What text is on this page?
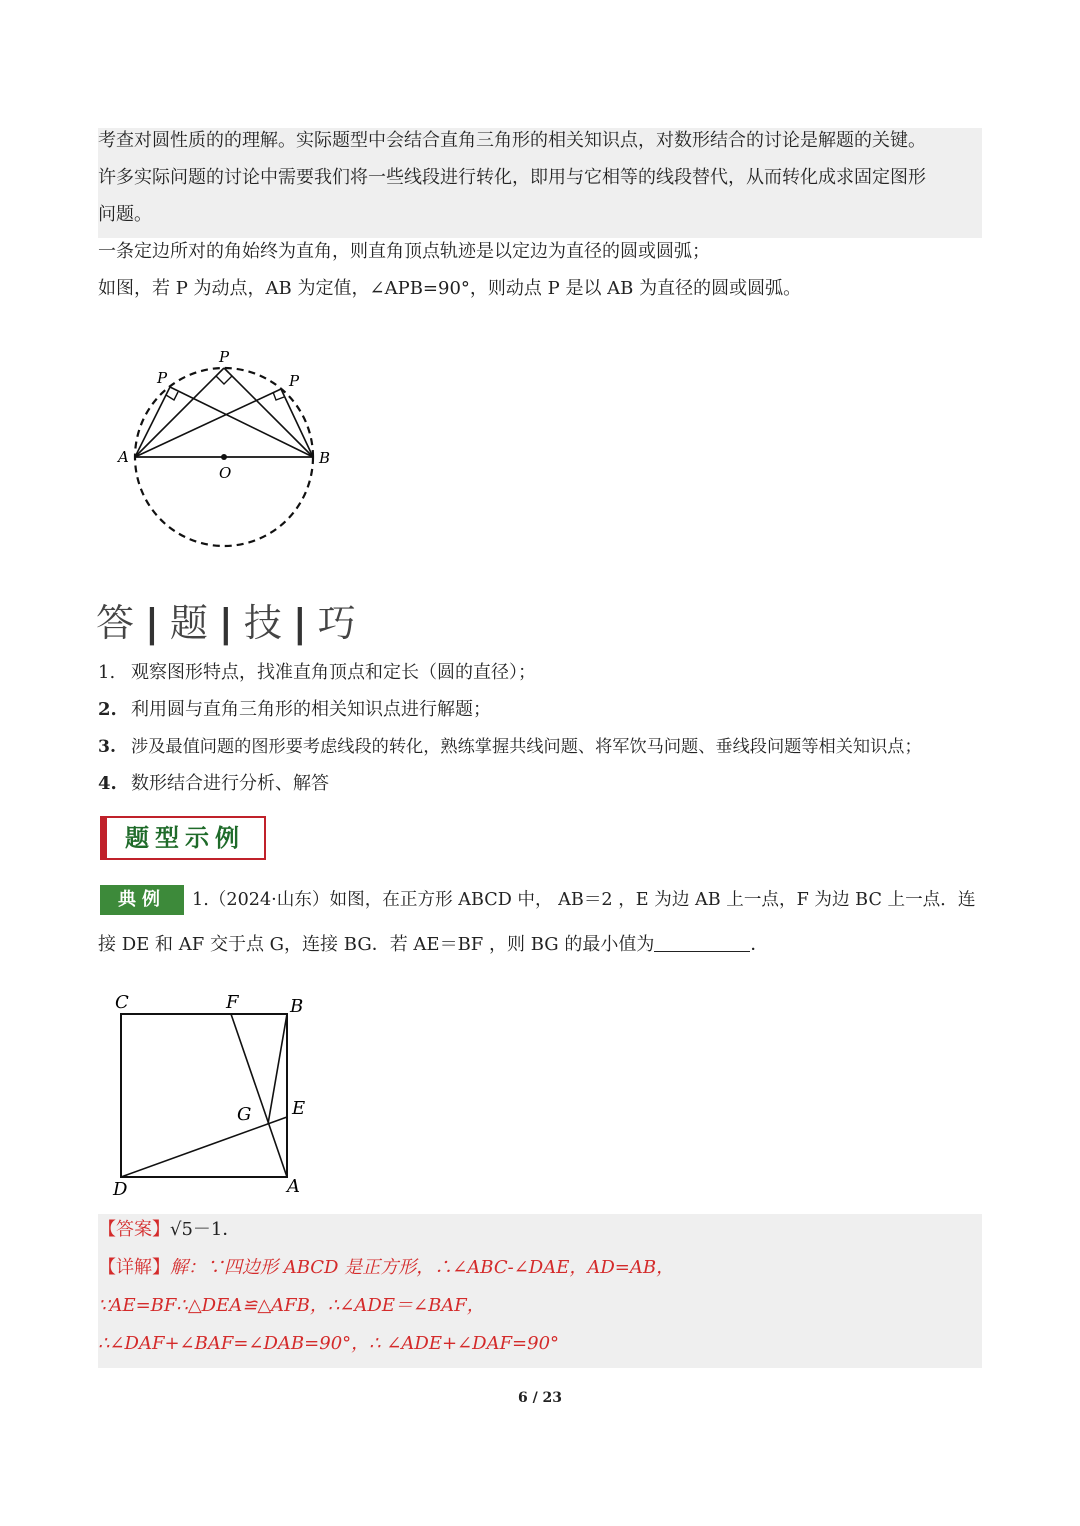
考查对圆性质的的理解。实际题型中会结合直角三角形的相关知识点，对数形结合的讨论是解题的关键。
许多实际问题的讨论中需要我们将一些线段进行转化，即用与它相等的线段替代，从而转化成求固定图形
问题。
一条定边所对的角始终为直角，则直角顶点轨迹是以定边为直径的圆或圆弧；
如图，若 P 为动点，AB 为定值，∠APB=90°，则动点 P 是以 AB 为直径的圆或圆弧。
P
P	P
A	B
O
答 | 题 | 技 | 巧
1. 观察图形特点，找准直角顶点和定长（圆的直径）；
2. 利用圆与直角三角形的相关知识点进行解题；
3. 涉及最值问题的图形要考虑线段的转化，熟练掌握共线问题、将军饮马问题、垂线段问题等相关知识点；
4. 数形结合进行分析、解答
题型示例
典例	1.（2024·山东）如图，在正方形 ABCD 中， AB＝2 ，E 为边 AB 上一点，F 为边 BC 上一点．连
接 DE 和 AF 交于点 G，连接 BG．若 AE＝BF ，则 BG 的最小值为	．
C	F	B
G E
D	A
【答案】√5－1．
【详解】解：∵四边形 ABCD 是正方形，∴∠ABC-∠DAE，AD=AB，
∵AE=BF∴△DEA≌△AFB，∴∠ADE＝∠BAF，
∴∠DAF+∠BAF=∠DAB=90°，∴ ∠ADE+∠DAF=90°
6 / 23
